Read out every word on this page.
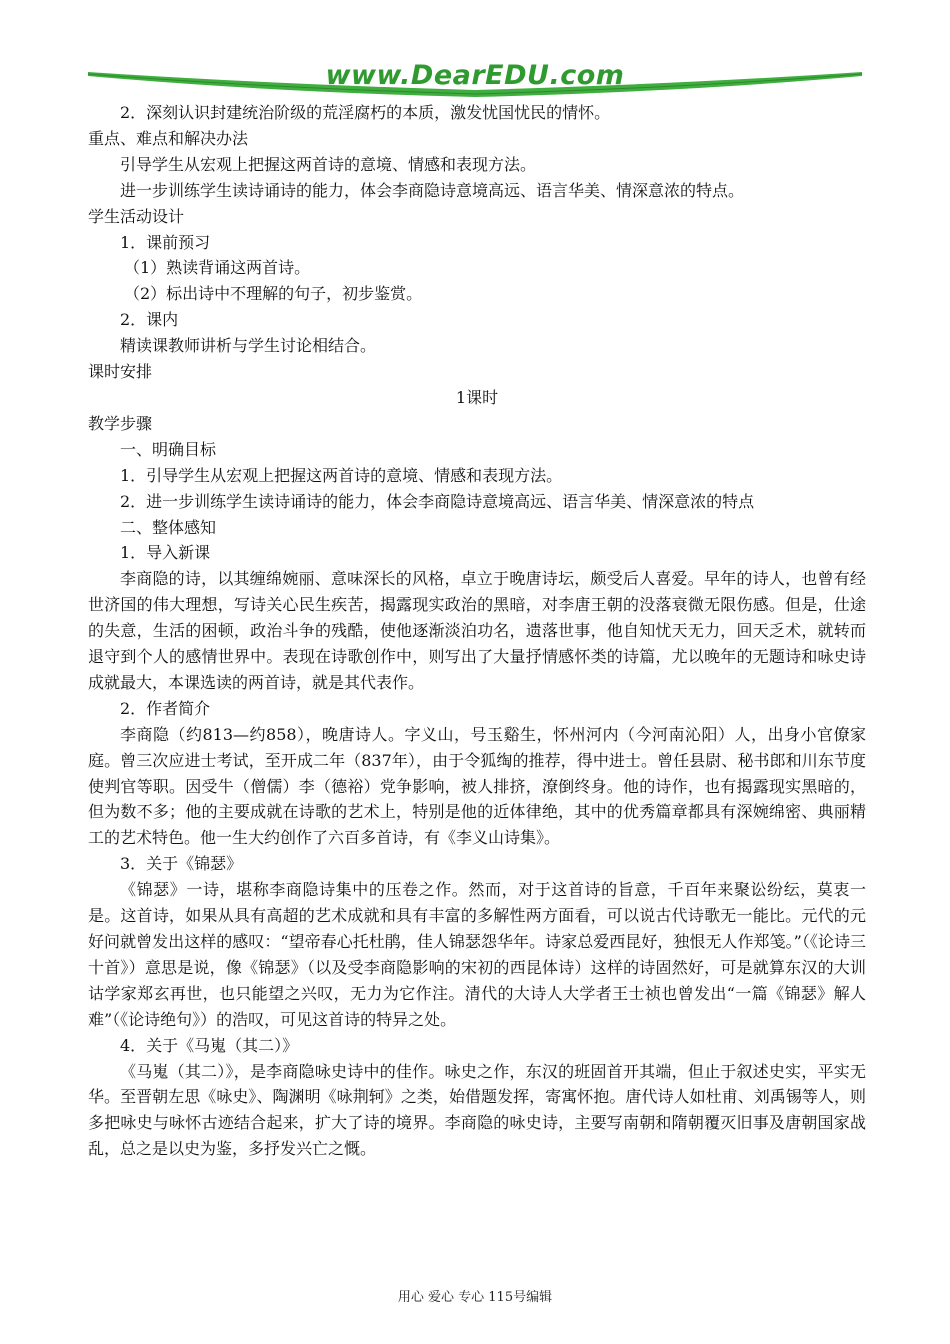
www.DearEDU.com
2．深刻认识封建统治阶级的荒淫腐朽的本质，激发忧国忧民的情怀。
重点、难点和解决办法
引导学生从宏观上把握这两首诗的意境、情感和表现方法。
进一步训练学生读诗诵诗的能力，体会李商隐诗意境高远、语言华美、情深意浓的特点。
学生活动设计
1．课前预习
（1）熟读背诵这两首诗。
（2）标出诗中不理解的句子，初步鉴赏。
2．课内
精读课教师讲析与学生讨论相结合。
课时安排
1课时
教学步骤
一、明确目标
1．引导学生从宏观上把握这两首诗的意境、情感和表现方法。
2．进一步训练学生读诗诵诗的能力，体会李商隐诗意境高远、语言华美、情深意浓的特点
二、整体感知
1．导入新课
李商隐的诗，以其缠绵婉丽、意味深长的风格，卓立于晚唐诗坛，颇受后人喜爱。早年的诗人，也曾有经世济国的伟大理想，写诗关心民生疾苦，揭露现实政治的黑暗，对李唐王朝的没落衰微无限伤感。但是，仕途的失意，生活的困顿，政治斗争的残酷，使他逐渐淡泊功名，遗落世事，他自知忧天无力，回天乏术，就转而退守到个人的感情世界中。表现在诗歌创作中，则写出了大量抒情感怀类的诗篇，尤以晚年的无题诗和咏史诗成就最大，本课选读的两首诗，就是其代表作。
2．作者简介
李商隐（约813—约858），晚唐诗人。字义山，号玉谿生，怀州河内（今河南沁阳）人，出身小官僚家庭。曾三次应进士考试，至开成二年（837年），由于令狐绹的推荐，得中进士。曾任县尉、秘书郎和川东节度使判官等职。因受牛（僧儒）李（德裕）党争影响，被人排挤，潦倒终身。他的诗作，也有揭露现实黑暗的，但为数不多；他的主要成就在诗歌的艺术上，特别是他的近体律绝，其中的优秀篇章都具有深婉绵密、典丽精工的艺术特色。他一生大约创作了六百多首诗，有《李义山诗集》。
3．关于《锦瑟》
《锦瑟》一诗，堪称李商隐诗集中的压卷之作。然而，对于这首诗的旨意，千百年来聚讼纷纭，莫衷一是。这首诗，如果从具有高超的艺术成就和具有丰富的多解性两方面看，可以说古代诗歌无一能比。元代的元好问就曾发出这样的感叹：“望帝春心托杜鹃，佳人锦瑟怨华年。诗家总爱西昆好，独恨无人作郑笺。”（《论诗三十首》）意思是说，像《锦瑟》（以及受李商隐影响的宋初的西昆体诗）这样的诗固然好，可是就算东汉的大训诂学家郑玄再世，也只能望之兴叹，无力为它作注。清代的大诗人大学者王士祯也曾发出“一篇《锦瑟》解人难”（《论诗绝句》）的浩叹，可见这首诗的特异之处。
4．关于《马嵬（其二）》
《马嵬（其二）》，是李商隐咏史诗中的佳作。咏史之作，东汉的班固首开其端，但止于叙述史实，平实无华。至晋朝左思《咏史》、陶渊明《咏荆轲》之类，始借题发挥，寄寓怀抱。唐代诗人如杜甫、刘禹锡等人，则多把咏史与咏怀古迹结合起来，扩大了诗的境界。李商隐的咏史诗，主要写南朝和隋朝覆灭旧事及唐朝国家战乱，总之是以史为鉴，多抒发兴亡之慨。
用心 爱心 专心 115号编辑
